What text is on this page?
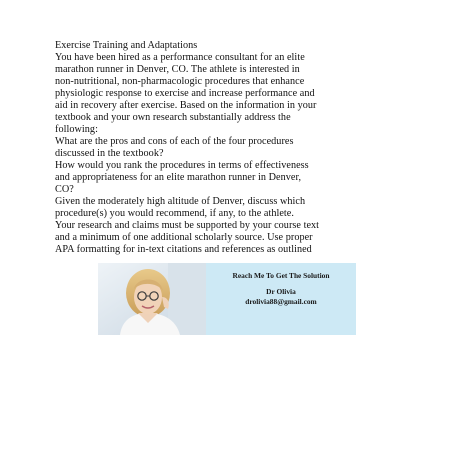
Exercise Training and Adaptations
You have been hired as a performance consultant for an elite
marathon runner in Denver, CO. The athlete is interested in
non-nutritional, non-pharmacologic procedures that enhance
physiologic response to exercise and increase performance and
aid in recovery after exercise. Based on the information in your
textbook and your own research substantially address the
following:
What are the pros and cons of each of the four procedures
discussed in the textbook?
How would you rank the procedures in terms of effectiveness
and appropriateness for an elite marathon runner in Denver,
CO?
Given the moderately high altitude of Denver, discuss which
procedure(s) you would recommend, if any, to the athlete.
Your research and claims must be supported by your course text
and a minimum of one additional scholarly source. Use proper
APA formatting for in-text citations and references as outlined
Reach Me To Get The Solution
Dr Olivia
drolivia88@gmail.com
